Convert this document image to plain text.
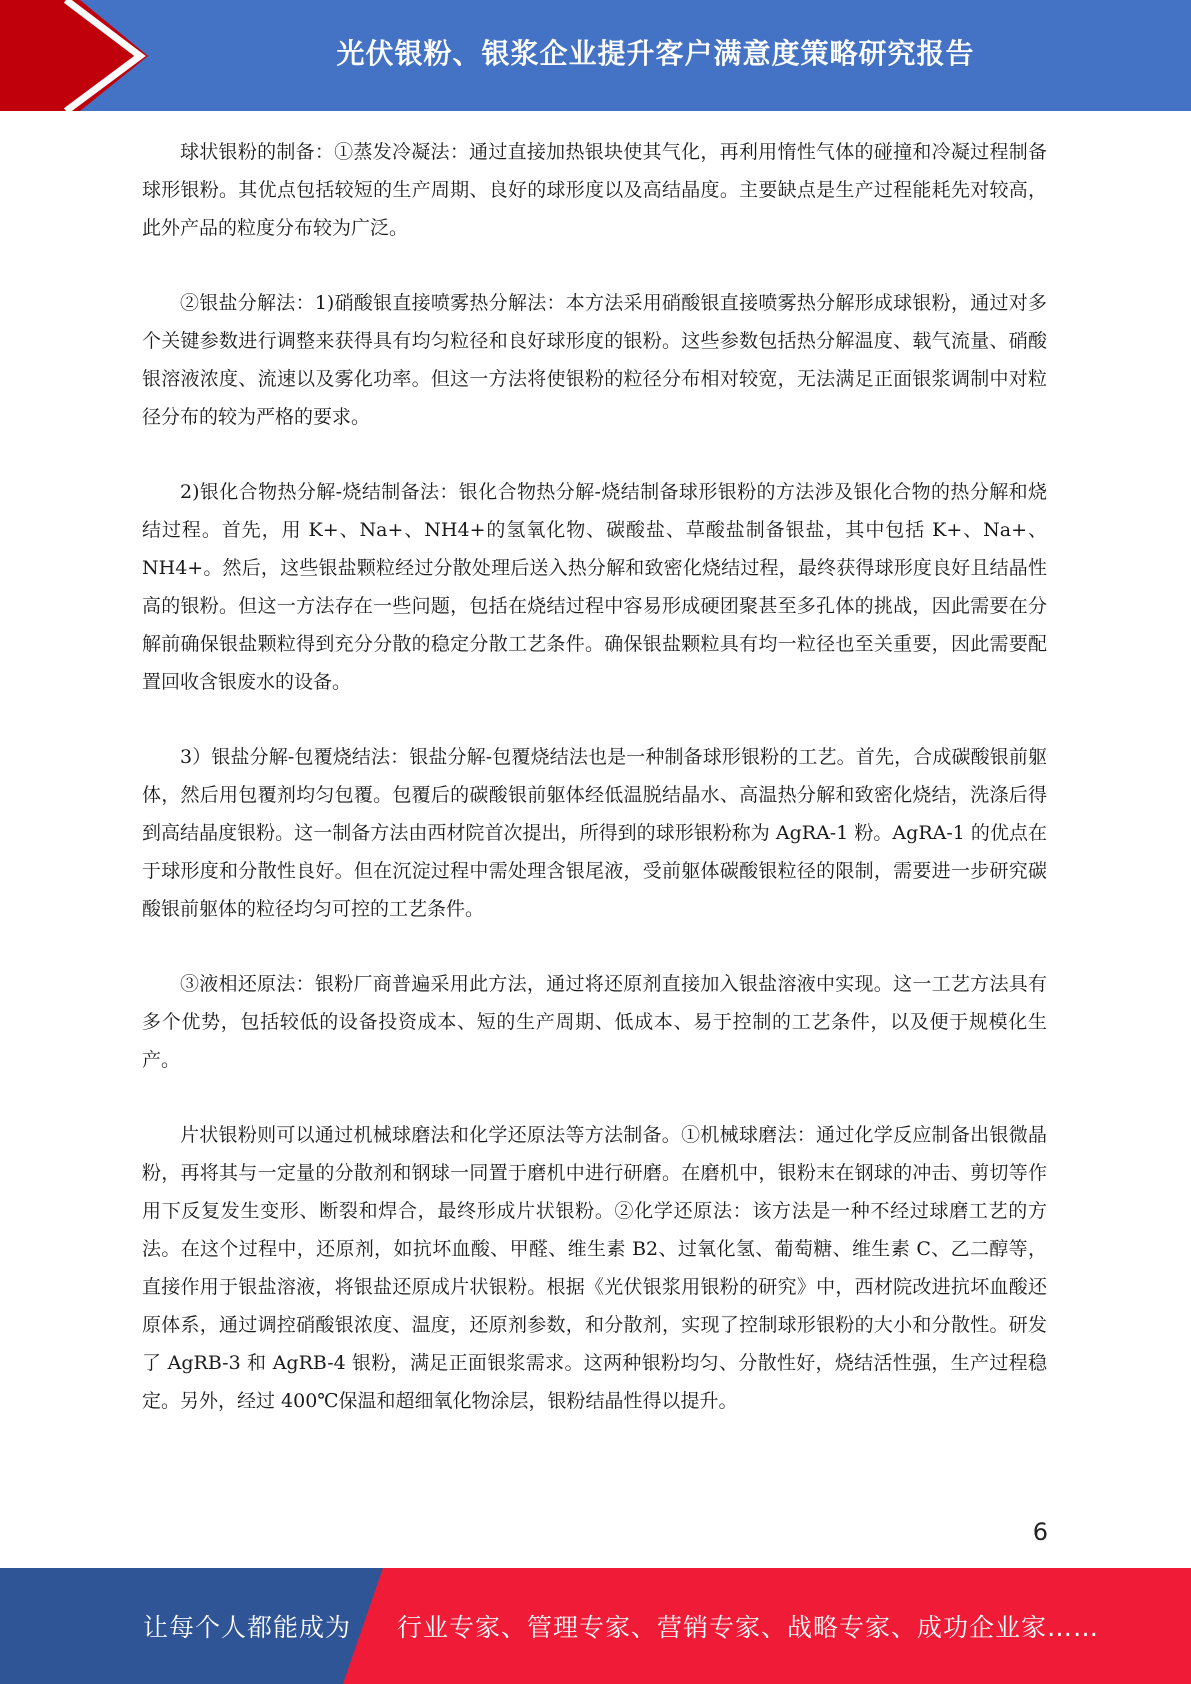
光伏银粉、银浆企业提升客户满意度策略研究报告

球状银粉的制备：①蒸发冷凝法：通过直接加热银块使其气化，再利用惰性气体的碰撞和冷凝过程制备球形银粉。其优点包括较短的生产周期、良好的球形度以及高结晶度。主要缺点是生产过程能耗先对较高，此外产品的粒度分布较为广泛。

②银盐分解法：1)硝酸银直接喷雾热分解法：本方法采用硝酸银直接喷雾热分解形成球银粉，通过对多个关键参数进行调整来获得具有均匀粒径和良好球形度的银粉。这些参数包括热分解温度、载气流量、硝酸银溶液浓度、流速以及雾化功率。但这一方法将使银粉的粒径分布相对较宽，无法满足正面银浆调制中对粒径分布的较为严格的要求。

2)银化合物热分解-烧结制备法：银化合物热分解-烧结制备球形银粉的方法涉及银化合物的热分解和烧结过程。首先，用 K+、Na+、NH4+的氢氧化物、碳酸盐、草酸盐制备银盐，其中包括 K+、Na+、NH4+。然后，这些银盐颗粒经过分散处理后送入热分解和致密化烧结过程，最终获得球形度良好且结晶性高的银粉。但这一方法存在一些问题，包括在烧结过程中容易形成硬团聚甚至多孔体的挑战，因此需要在分解前确保银盐颗粒得到充分分散的稳定分散工艺条件。确保银盐颗粒具有均一粒径也至关重要，因此需要配置回收含银废水的设备。

3）银盐分解-包覆烧结法：银盐分解-包覆烧结法也是一种制备球形银粉的工艺。首先，合成碳酸银前躯体，然后用包覆剂均匀包覆。包覆后的碳酸银前躯体经低温脱结晶水、高温热分解和致密化烧结，洗涤后得到高结晶度银粉。这一制备方法由西材院首次提出，所得到的球形银粉称为 AgRA-1 粉。AgRA-1 的优点在于球形度和分散性良好。但在沉淀过程中需处理含银尾液，受前躯体碳酸银粒径的限制，需要进一步研究碳酸银前躯体的粒径均匀可控的工艺条件。

③液相还原法：银粉厂商普遍采用此方法，通过将还原剂直接加入银盐溶液中实现。这一工艺方法具有多个优势，包括较低的设备投资成本、短的生产周期、低成本、易于控制的工艺条件，以及便于规模化生产。

片状银粉则可以通过机械球磨法和化学还原法等方法制备。①机械球磨法：通过化学反应制备出银微晶粉，再将其与一定量的分散剂和钢球一同置于磨机中进行研磨。在磨机中，银粉末在钢球的冲击、剪切等作用下反复发生变形、断裂和焊合，最终形成片状银粉。②化学还原法：该方法是一种不经过球磨工艺的方法。在这个过程中，还原剂，如抗坏血酸、甲醛、维生素 B2、过氧化氢、葡萄糖、维生素 C、乙二醇等，直接作用于银盐溶液，将银盐还原成片状银粉。根据《光伏银浆用银粉的研究》中，西材院改进抗坏血酸还原体系，通过调控硝酸银浓度、温度，还原剂参数，和分散剂，实现了控制球形银粉的大小和分散性。研发了 AgRB-3 和 AgRB-4 银粉，满足正面银浆需求。这两种银粉均匀、分散性好，烧结活性强，生产过程稳定。另外，经过 400℃保温和超细氧化物涂层，银粉结晶性得以提升。

6
让每个人都能成为 行业专家、管理专家、营销专家、战略专家、成功企业家……
